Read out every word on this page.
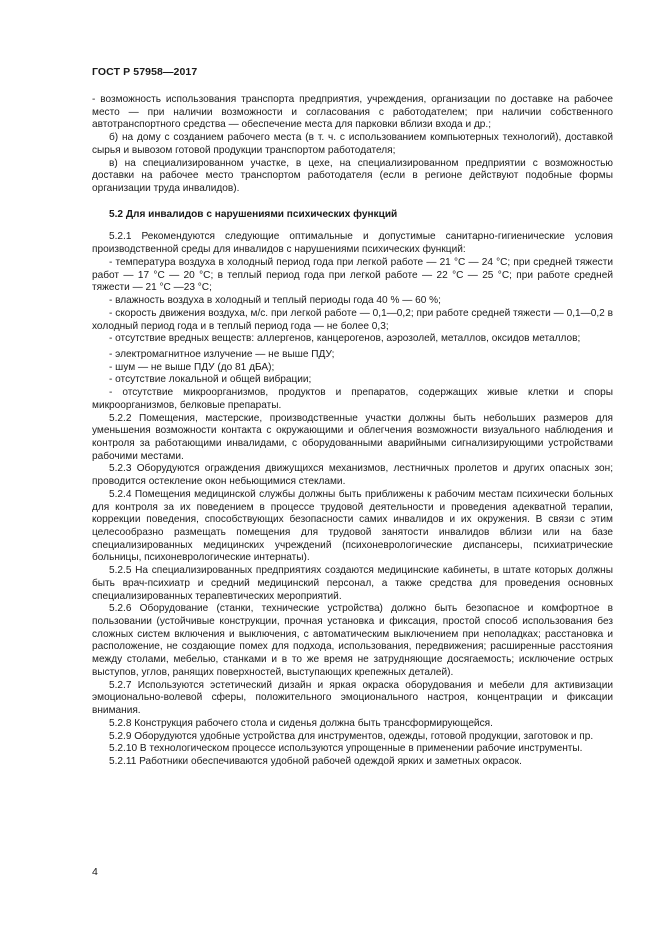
ГОСТ Р 57958—2017

- возможность использования транспорта предприятия, учреждения, организации по доставке на рабочее место — при наличии возможности и согласования с работодателем; при наличии собственного автотранспортного средства — обеспечение места для парковки вблизи входа и др.;

б) на дому с созданием рабочего места (в т. ч. с использованием компьютерных технологий), доставкой сырья и вывозом готовой продукции транспортом работодателя;

в) на специализированном участке, в цехе, на специализированном предприятии с возможностью доставки на рабочее место транспортом работодателя (если в регионе действуют подобные формы организации труда инвалидов).

5.2 Для инвалидов с нарушениями психических функций

5.2.1 Рекомендуются следующие оптимальные и допустимые санитарно-гигиенические условия производственной среды для инвалидов с нарушениями психических функций:

- температура воздуха в холодный период года при легкой работе — 21 °С — 24 °С; при средней тяжести работ — 17 °С — 20 °С; в теплый период года при легкой работе — 22 °С — 25 °С; при работе средней тяжести — 21 °С —23 °С;

- влажность воздуха в холодный и теплый периоды года 40 % — 60 %;

- скорость движения воздуха, м/с. при легкой работе — 0,1—0,2; при работе средней тяжести — 0,1—0,2 в холодный период года и в теплый период года — не более 0,3;

- отсутствие вредных веществ: аллергенов, канцерогенов, аэрозолей, металлов, оксидов металлов;

- электромагнитное излучение — не выше ПДУ;

- шум — не выше ПДУ (до 81 дБА);

- отсутствие локальной и общей вибрации;

- отсутствие микроорганизмов, продуктов и препаратов, содержащих живые клетки и споры микроорганизмов, белковые препараты.

5.2.2 Помещения, мастерские, производственные участки должны быть небольших размеров для уменьшения возможности контакта с окружающими и облегчения возможности визуального наблюдения и контроля за работающими инвалидами, с оборудованными аварийными сигнализирующими устройствами рабочими местами.

5.2.3 Оборудуются ограждения движущихся механизмов, лестничных пролетов и других опасных зон; проводится остекление окон небьющимися стеклами.

5.2.4 Помещения медицинской службы должны быть приближены к рабочим местам психически больных для контроля за их поведением в процессе трудовой деятельности и проведения адекватной терапии, коррекции поведения, способствующих безопасности самих инвалидов и их окружения. В связи с этим целесообразно размещать помещения для трудовой занятости инвалидов вблизи или на базе специализированных медицинских учреждений (психоневрологические диспансеры, психиатрические больницы, психоневрологические интернаты).

5.2.5 На специализированных предприятиях создаются медицинские кабинеты, в штате которых должны быть врач-психиатр и средний медицинский персонал, а также средства для проведения основных специализированных терапевтических мероприятий.

5.2.6 Оборудование (станки, технические устройства) должно быть безопасное и комфортное в пользовании (устойчивые конструкции, прочная установка и фиксация, простой способ использования без сложных систем включения и выключения, с автоматическим выключением при неполадках; расстановка и расположение, не создающие помех для подхода, использования, передвижения; расширенные расстояния между столами, мебелью, станками и в то же время не затрудняющие досягаемость; исключение острых выступов, углов, ранящих поверхностей, выступающих крепежных деталей).

5.2.7 Используются эстетический дизайн и яркая окраска оборудования и мебели для активизации эмоционально-волевой сферы, положительного эмоционального настроя, концентрации и фиксации внимания.

5.2.8 Конструкция рабочего стола и сиденья должна быть трансформирующейся.

5.2.9 Оборудуются удобные устройства для инструментов, одежды, готовой продукции, заготовок и пр.

5.2.10 В технологическом процессе используются упрощенные в применении рабочие инструменты.

5.2.11 Работники обеспечиваются удобной рабочей одеждой ярких и заметных окрасок.

4
